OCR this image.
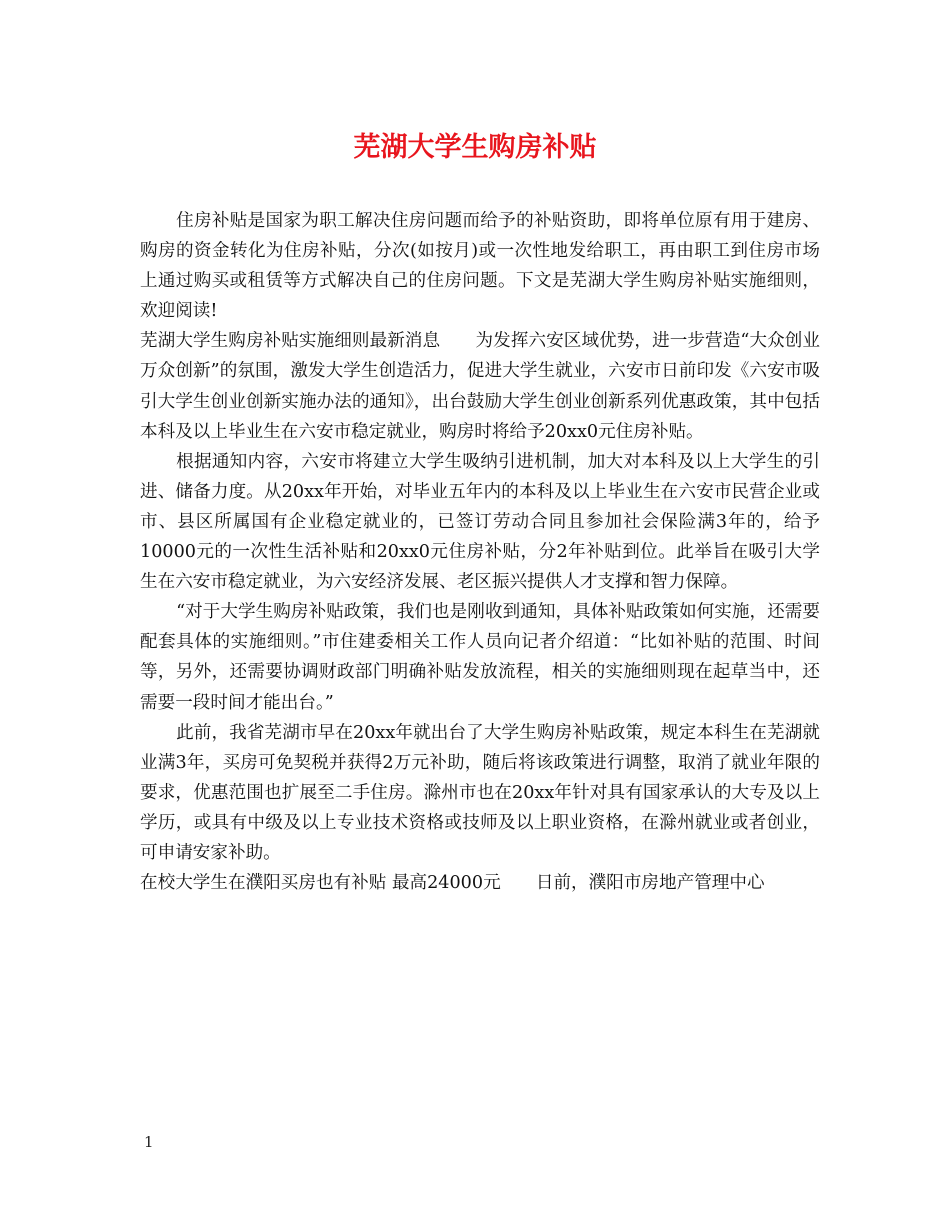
芜湖大学生购房补贴

住房补贴是国家为职工解决住房问题而给予的补贴资助，即将单位原有用于建房、购房的资金转化为住房补贴，分次(如按月)或一次性地发给职工，再由职工到住房市场上通过购买或租赁等方式解决自己的住房问题。下文是芜湖大学生购房补贴实施细则，欢迎阅读!

芜湖大学生购房补贴实施细则最新消息　　为发挥六安区域优势，进一步营造“大众创业万众创新”的氛围，激发大学生创造活力，促进大学生就业，六安市日前印发《六安市吸引大学生创业创新实施办法的通知》，出台鼓励大学生创业创新系列优惠政策，其中包括本科及以上毕业生在六安市稳定就业，购房时将给予20xx0元住房补贴。

根据通知内容，六安市将建立大学生吸纳引进机制，加大对本科及以上大学生的引进、储备力度。从20xx年开始，对毕业五年内的本科及以上毕业生在六安市民营企业或市、县区所属国有企业稳定就业的，已签订劳动合同且参加社会保险满3年的，给予10000元的一次性生活补贴和20xx0元住房补贴，分2年补贴到位。此举旨在吸引大学生在六安市稳定就业，为六安经济发展、老区振兴提供人才支撑和智力保障。

“对于大学生购房补贴政策，我们也是刚收到通知，具体补贴政策如何实施，还需要配套具体的实施细则。”市住建委相关工作人员向记者介绍道：“比如补贴的范围、时间等，另外，还需要协调财政部门明确补贴发放流程，相关的实施细则现在起草当中，还需要一段时间才能出台。”

此前，我省芜湖市早在20xx年就出台了大学生购房补贴政策，规定本科生在芜湖就业满3年，买房可免契税并获得2万元补助，随后将该政策进行调整，取消了就业年限的要求，优惠范围也扩展至二手住房。滁州市也在20xx年针对具有国家承认的大专及以上学历，或具有中级及以上专业技术资格或技师及以上职业资格，在滁州就业或者创业，可申请安家补助。

在校大学生在濮阳买房也有补贴 最高24000元　　日前，濮阳市房地产管理中心

1
